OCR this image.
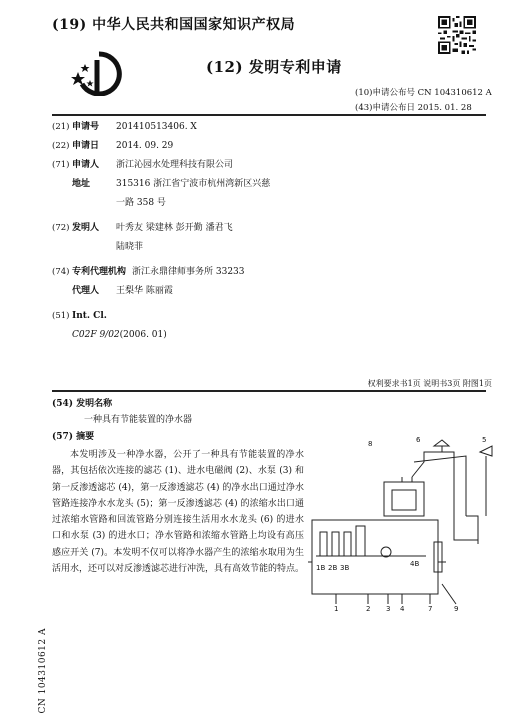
(19) 中华人民共和国国家知识产权局
(12) 发明专利申请
(10)申请公布号 CN 104310612 A
(43)申请公布日 2015. 01. 28
(21) 申请号	201410513406. X
(22) 申请日	2014. 09. 29
(71) 申请人	浙江沁园水处理科技有限公司
地址	315316 浙江省宁波市杭州湾新区兴慈
一路 358 号
(72) 发明人	叶秀友 梁建林 彭开勤 潘君飞
陆晓菲
(74) 专利代理机构 浙江永鼎律师事务所 33233
代理人	王梨华 陈丽霞
(51) Int. Cl.
C02F 9/02 (2006. 01)
权利要求书1页 说明书3页 附图1页
(54) 发明名称
一种具有节能装置的净水器
(57) 摘要

本发明涉及一种净水器，公开了一种具有节能装置的净水器，其包括依次连接的滤芯 (1)、进水电磁阀 (2)、水泵 (3) 和第一反渗透滤芯 (4)，第一反渗透滤芯 (4) 的净水出口通过净水管路连接净水水龙头 (5)；第一反渗透滤芯 (4) 的浓缩水出口通过浓缩水管路和回流管路分别连接生活用水水龙头 (6) 的进水口和水泵 (3) 的进水口；净水管路和浓缩水管路上均设有高压感应开关 (7)。本发明不仅可以将净水器产生的浓缩水取用为生活用水，还可以对反渗透滤芯进行冲洗，具有高效节能的特点。

8	6	5
1B 2B 3B	4B
1	2 3 4	7	9
CN 104310612 A
